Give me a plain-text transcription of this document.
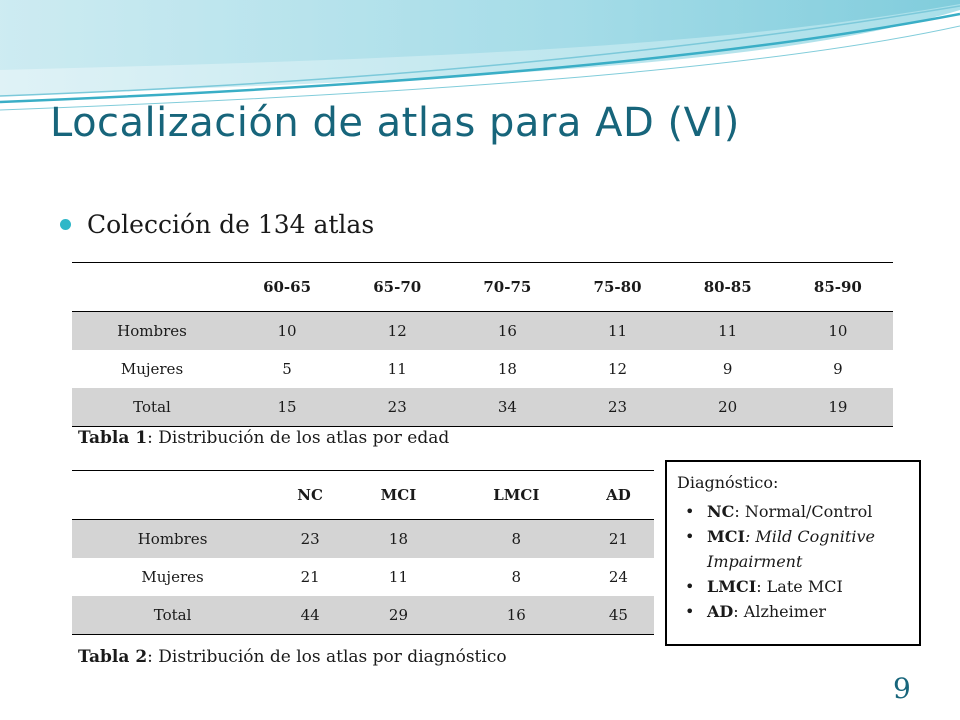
Localización de atlas para AD (VI)
Colección de 134 atlas
	60-65	65-70	70-75	75-80	80-85	85-90
Hombres	10	12	16	11	11	10
Mujeres	5	11	18	12	9	9
Total	15	23	34	23	20	19
Tabla 1: Distribución de los atlas por edad
	NC	MCI	LMCI	AD
Hombres	23	18	8	21
Mujeres	21	11	8	24
Total	44	29	16	45
Tabla 2: Distribución de los atlas por diagnóstico
Diagnóstico:
• NC: Normal/Control
• MCI: Mild Cognitive Impairment
• LMCI: Late MCI
• AD: Alzheimer
9
